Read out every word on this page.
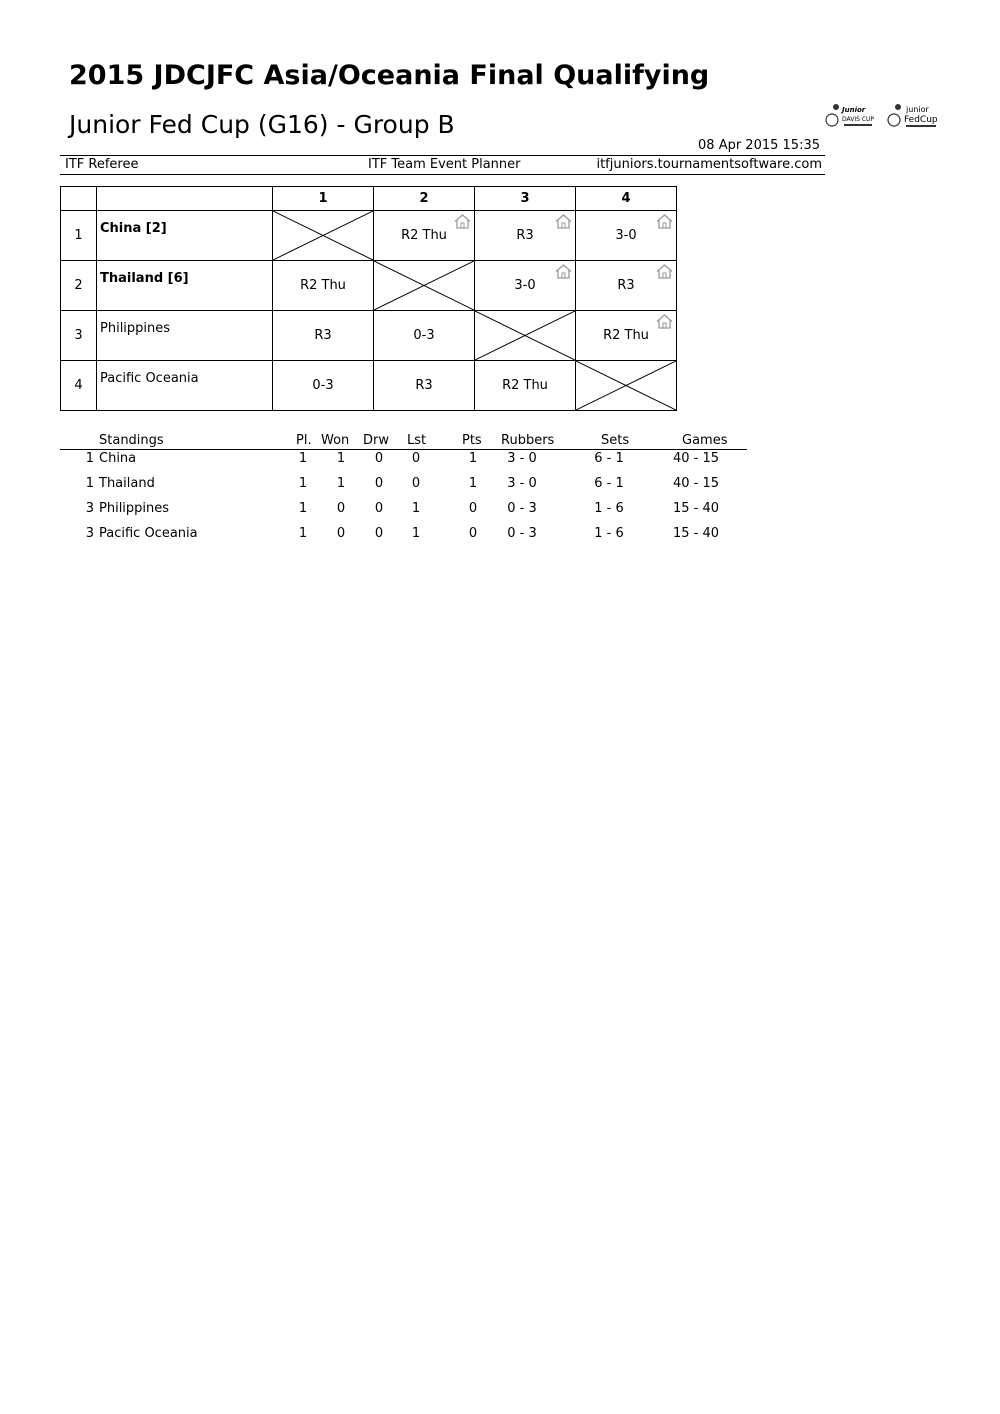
2015 JDCJFC Asia/Oceania Final Qualifying
Junior Fed Cup (G16) - Group B	Junior
DAVIS CUP
junior
FedCup
08 Apr 2015 15:35
ITF Referee	ITF Team Event Planner	itfjuniors.tournamentsoftware.com
		1	2	3	4
1	China [2]		R2 Thu	R3	3-0
2	Thailand [6]	R2 Thu		3-0	R3
3	Philippines	R3	0-3		R2 Thu
4	Pacific Oceania	0-3	R3	R2 Thu	
Standings	Pl. Won Drw Lst	Pts Rubbers	Sets	Games
1 China	1	1	0	0	1	3 - 0	6 - 1	40 - 15
1 Thailand	1	1	0	0	1	3 - 0	6 - 1	40 - 15
3 Philippines	1	0	0	1	0	0 - 3	1 - 6	15 - 40
3 Pacific Oceania	1	0	0	1	0	0 - 3	1 - 6	15 - 40
